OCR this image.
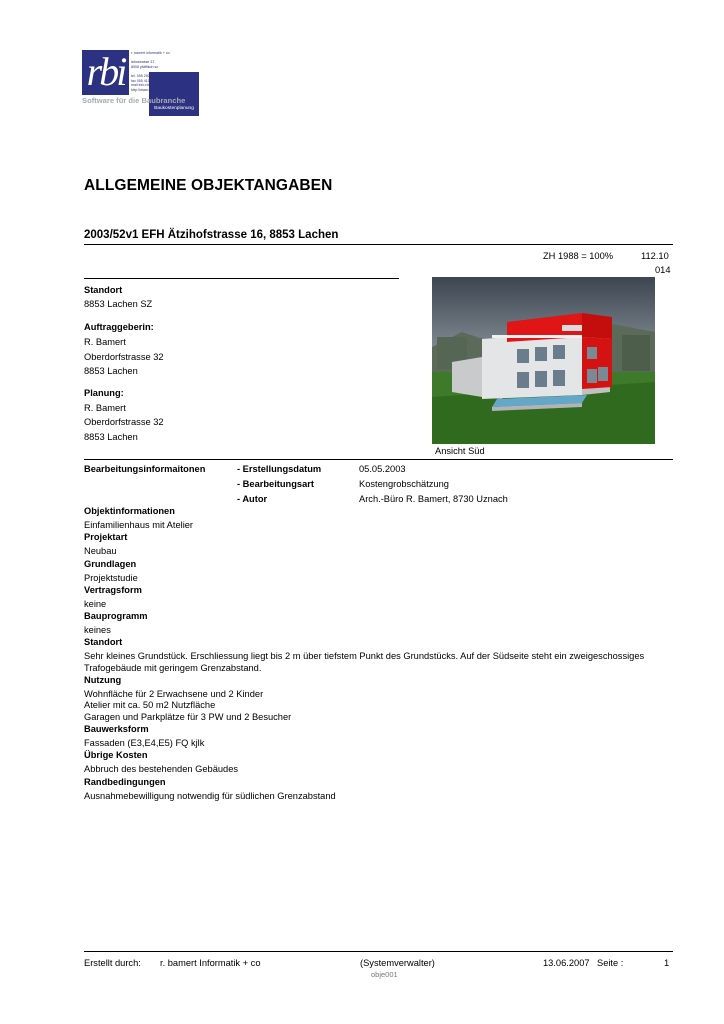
Baukostenplanung
rbi	r. bamert informatik + co

lahnstrasse 37
8908 pfäffikon sz

tel. 055 250 24 00
fax 055 410 37 60
mail info.rbi.ch
http://www.rbi.ch
Software für die Baubranche
ALLGEMEINE OBJEKTANGABEN
2003/52v1 EFH Ätzihofstrasse 16, 8853 Lachen
ZH 1988 = 100%	112.10
014
Standort
8853 Lachen SZ
Auftraggeberin:
R. Bamert
Oberdorfstrasse 32
8853 Lachen
Planung:
R. Bamert
Oberdorfstrasse 32
8853 Lachen
Ansicht Süd
Bearbeitungsinformaitonen	- Erstellungsdatum	05.05.2003
- Bearbeitungsart	Kostengrobschätzung
- Autor	Arch.-Büro R. Bamert, 8730 Uznach
Objektinformationen
Einfamilienhaus mit Atelier
Projektart
Neubau
Grundlagen
Projektstudie
Vertragsform
keine
Bauprogramm
keines
Standort
Sehr kleines Grundstück. Erschliessung liegt bis 2 m über tiefstem Punkt des Grundstücks. Auf der Südseite steht ein zweigeschossiges
Trafogebäude mit geringem Grenzabstand.
Nutzung
Wohnfläche für 2 Erwachsene und 2 Kinder
Atelier mit ca. 50 m2 Nutzfläche
Garagen und Parkplätze für 3 PW und 2 Besucher
Bauwerksform
Fassaden (E3,E4,E5) FQ kjlk
Übrige Kosten
Abbruch des bestehenden Gebäudes
Randbedingungen
Ausnahmebewilligung notwendig für südlichen Grenzabstand
Erstellt durch: r. bamert Informatik + co	(Systemverwalter)
obje001
13.06.2007 Seite :	1
